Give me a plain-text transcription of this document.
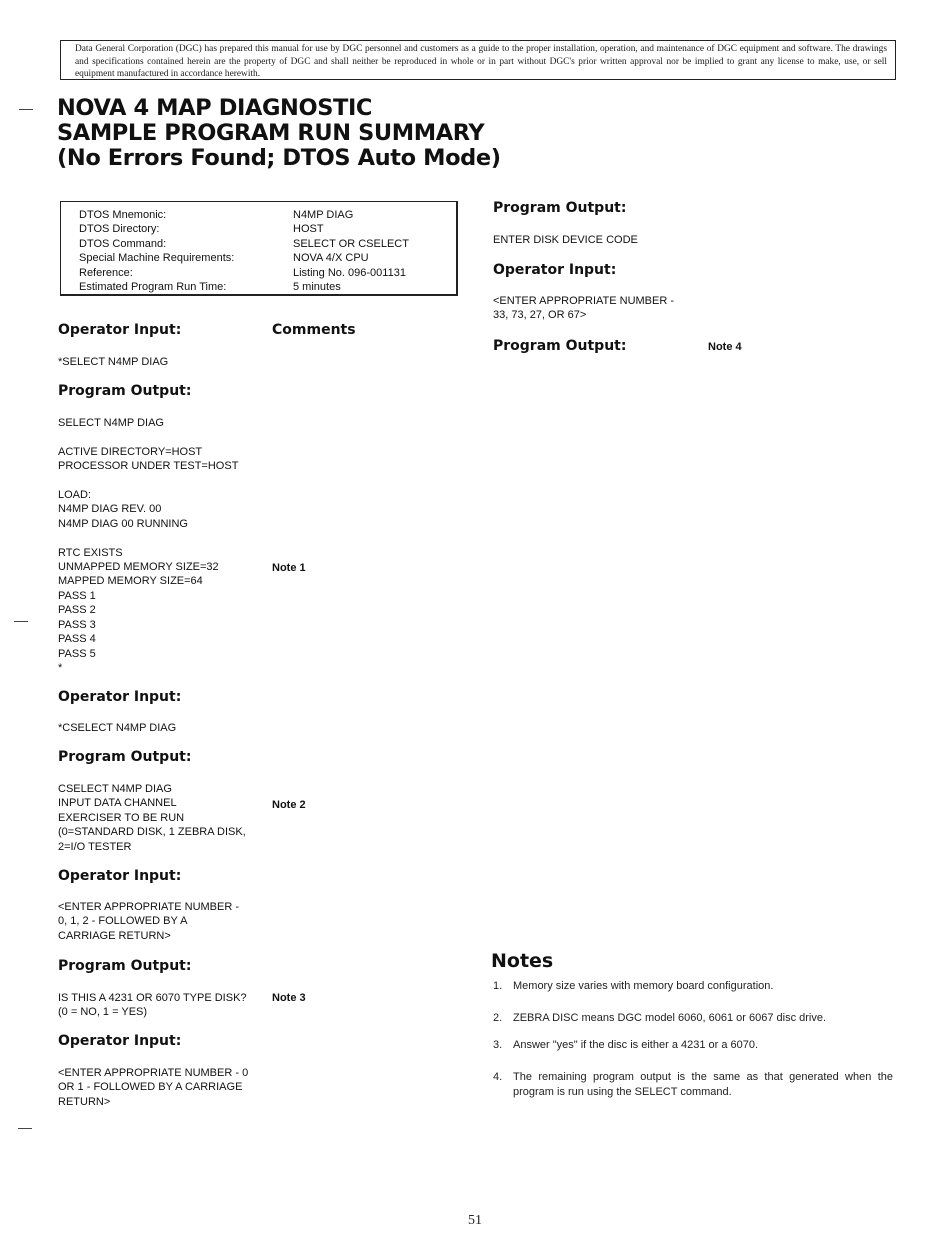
Data General Corporation (DGC) has prepared this manual for use by DGC personnel and customers as a guide to the proper installation, operation, and maintenance of DGC equipment and software. The drawings and specifications contained herein are the property of DGC and shall neither be reproduced in whole or in part without DGC's prior written approval nor be implied to grant any license to make, use, or sell equipment manufactured in accordance herewith.
NOVA 4 MAP DIAGNOSTIC
SAMPLE PROGRAM RUN SUMMARY
(No Errors Found; DTOS Auto Mode)
DTOS Mnemonic:	N4MP DIAG
DTOS Directory:	HOST
DTOS Command:	SELECT OR CSELECT
Special Machine Requirements:	NOVA 4/X CPU
Reference:	Listing No. 096-001131
Estimated Program Run Time:	5 minutes
Operator Input:	Comments
*SELECT N4MP DIAG
Program Output:
SELECT N4MP DIAG

ACTIVE DIRECTORY=HOST
PROCESSOR UNDER TEST=HOST

LOAD:
N4MP DIAG REV. 00
N4MP DIAG 00 RUNNING

RTC EXISTS
UNMAPPED MEMORY SIZE=32
MAPPED MEMORY SIZE=64
PASS 1
PASS 2
PASS 3
PASS 4
PASS 5
*
Note 1
Operator Input:
*CSELECT N4MP DIAG
Program Output:
CSELECT N4MP DIAG
INPUT DATA CHANNEL
EXERCISER TO BE RUN
(0=STANDARD DISK, 1 ZEBRA DISK,
2=I/O TESTER
Note 2
Operator Input:
<ENTER APPROPRIATE NUMBER -
0, 1, 2 - FOLLOWED BY A
CARRIAGE RETURN>
Program Output:
IS THIS A 4231 OR 6070 TYPE DISK?
(0 = NO, 1 = YES)
Note 3
Operator Input:
<ENTER APPROPRIATE NUMBER - 0
OR 1 - FOLLOWED BY A CARRIAGE
RETURN>
Program Output:
ENTER DISK DEVICE CODE
Operator Input:
<ENTER APPROPRIATE NUMBER -
33, 73, 27, OR 67>
Program Output:	Note 4
Notes
1. Memory size varies with memory board configuration.
2. ZEBRA DISC means DGC model 6060, 6061 or 6067 disc drive.
3. Answer "yes" if the disc is either a 4231 or a 6070.
4. The remaining program output is the same as that generated when the program is run using the SELECT command.
51
